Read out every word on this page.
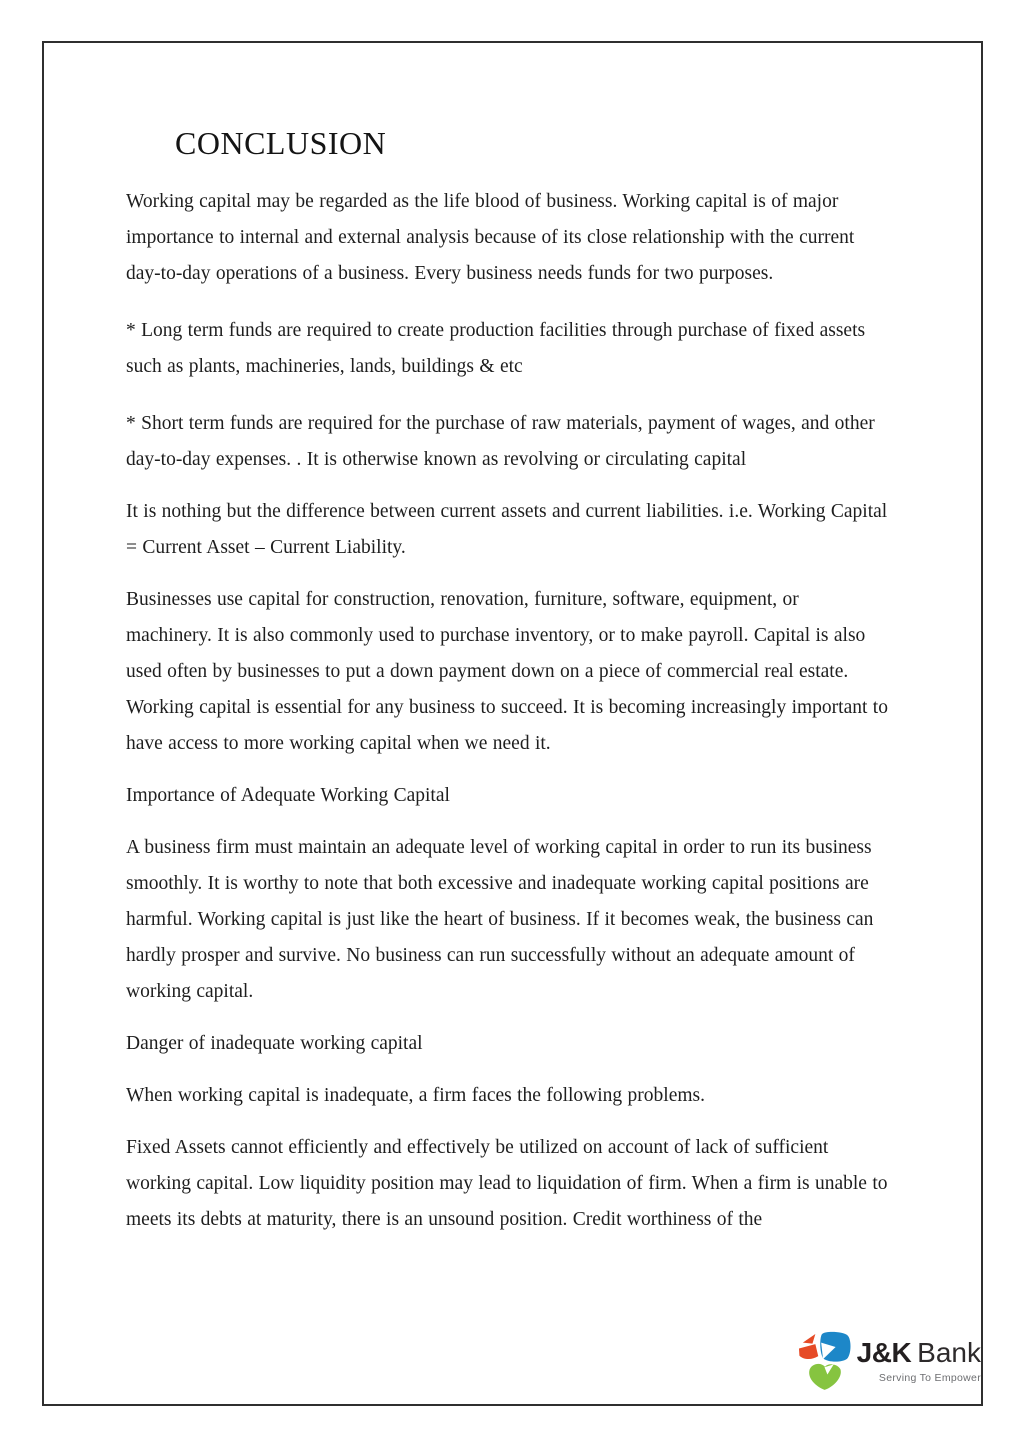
CONCLUSION

Working capital may be regarded as the life blood of business. Working capital is of major importance to internal and external analysis because of its close relationship with the current day-to-day operations of a business. Every business needs funds for two purposes.

* Long term funds are required to create production facilities through purchase of fixed assets such as plants, machineries, lands, buildings & etc

* Short term funds are required for the purchase of raw materials, payment of wages, and other day-to-day expenses. . It is otherwise known as revolving or circulating capital

It is nothing but the difference between current assets and current liabilities. i.e. Working Capital = Current Asset – Current Liability.

Businesses use capital for construction, renovation, furniture, software, equipment, or machinery. It is also commonly used to purchase inventory, or to make payroll. Capital is also used often by businesses to put a down payment down on a piece of commercial real estate. Working capital is essential for any business to succeed. It is becoming increasingly important to have access to more working capital when we need it.

Importance of Adequate Working Capital

A business firm must maintain an adequate level of working capital in order to run its business smoothly. It is worthy to note that both excessive and inadequate working capital positions are harmful. Working capital is just like the heart of business. If it becomes weak, the business can hardly prosper and survive. No business can run successfully without an adequate amount of working capital.

Danger of inadequate working capital

When working capital is inadequate, a firm faces the following problems.

Fixed Assets cannot efficiently and effectively be utilized on account of lack of sufficient working capital. Low liquidity position may lead to liquidation of firm. When a firm is unable to meets its debts at maturity, there is an unsound position. Credit worthiness of the

J&K Bank
Serving To Empower
